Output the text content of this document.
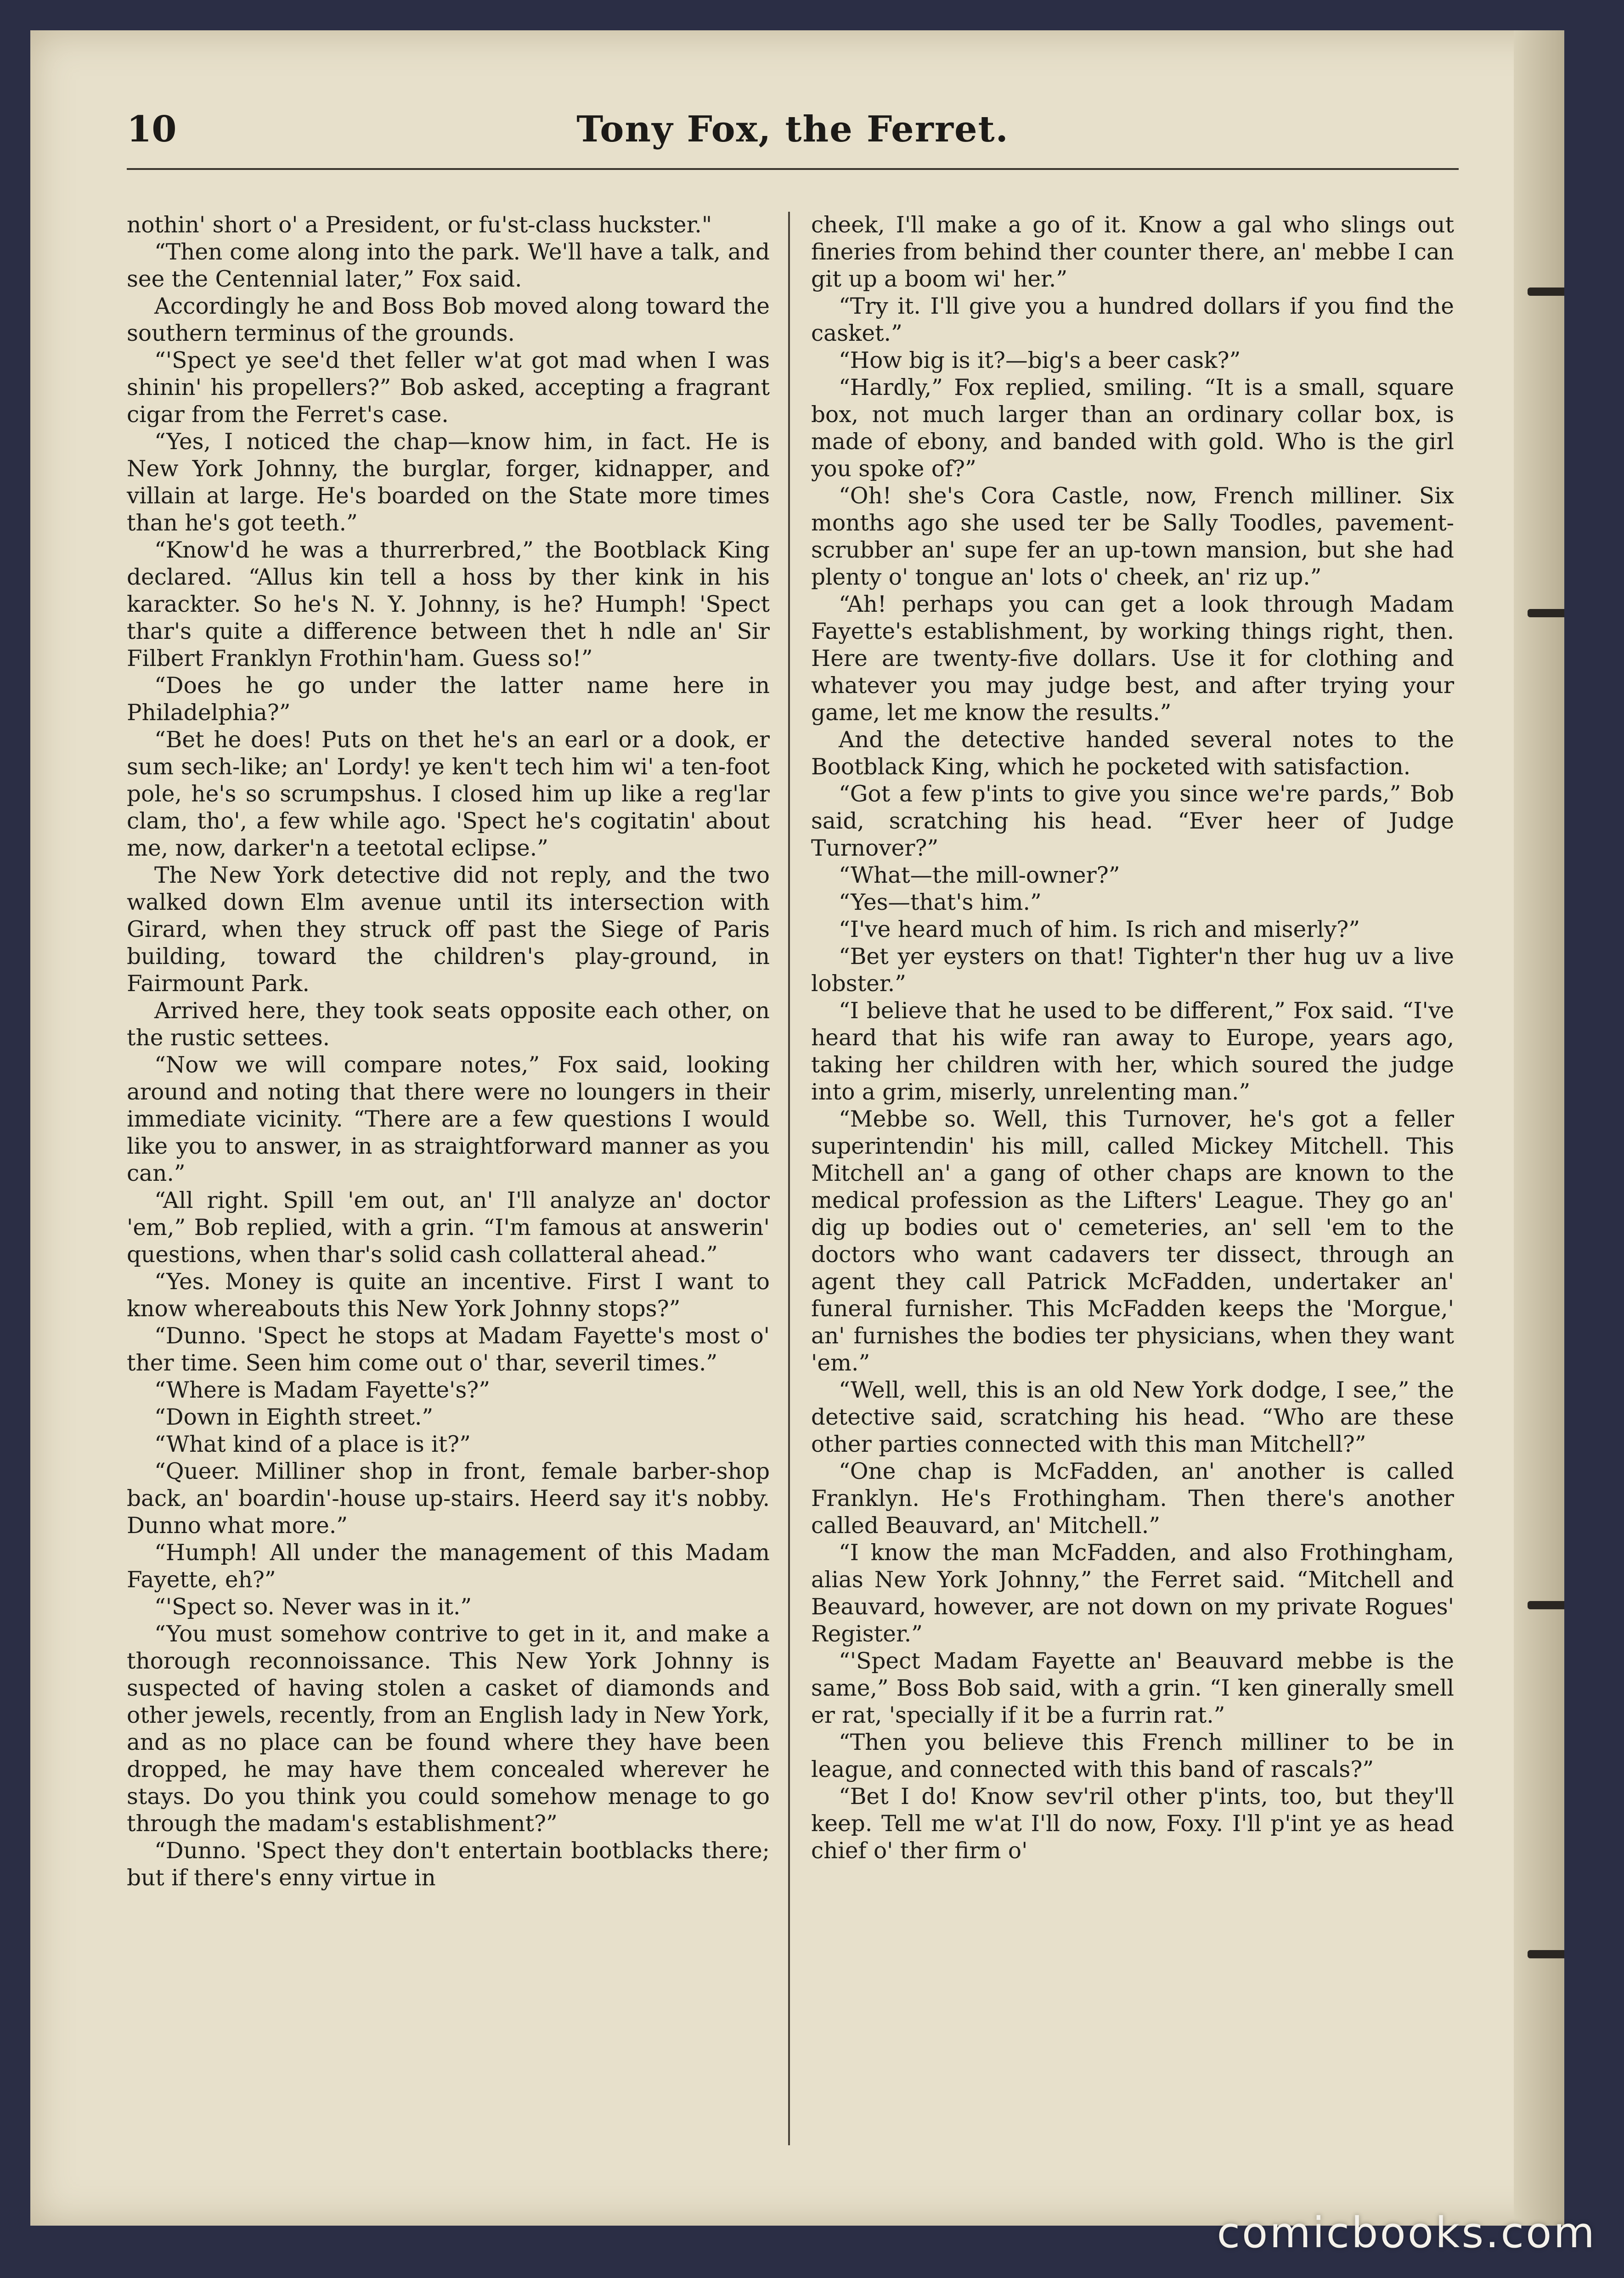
10	Tony Fox, the Ferret.

nothin' short o' a President, or fu'st-class huckster."

“Then come along into the park. We'll have a talk, and see the Centennial later,” Fox said.

Accordingly he and Boss Bob moved along toward the southern terminus of the grounds.

“'Spect ye see'd thet feller w'at got mad when I was shinin' his propellers?” Bob asked, accepting a fragrant cigar from the Ferret's case.

“Yes, I noticed the chap—know him, in fact. He is New York Johnny, the burglar, forger, kidnapper, and villain at large. He's boarded on the State more times than he's got teeth.”

“Know'd he was a thurrerbred,” the Bootblack King declared. “Allus kin tell a hoss by ther kink in his karackter. So he's N. Y. Johnny, is he? Humph! 'Spect thar's quite a difference between thet h ndle an' Sir Filbert Franklyn Frothin'ham. Guess so!”

“Does he go under the latter name here in Philadelphia?”

“Bet he does! Puts on thet he's an earl or a dook, er sum sech-like; an' Lordy! ye ken't tech him wi' a ten-foot pole, he's so scrumpshus. I closed him up like a reg'lar clam, tho', a few while ago. 'Spect he's cogitatin' about me, now, darker'n a teetotal eclipse.”

The New York detective did not reply, and the two walked down Elm avenue until its intersection with Girard, when they struck off past the Siege of Paris building, toward the children's play-ground, in Fairmount Park.

Arrived here, they took seats opposite each other, on the rustic settees.

“Now we will compare notes,” Fox said, looking around and noting that there were no loungers in their immediate vicinity. “There are a few questions I would like you to answer, in as straightforward manner as you can.”

“All right. Spill 'em out, an' I'll analyze an' doctor 'em,” Bob replied, with a grin. “I'm famous at answerin' questions, when thar's solid cash collatteral ahead.”

“Yes. Money is quite an incentive. First I want to know whereabouts this New York Johnny stops?”

“Dunno. 'Spect he stops at Madam Fayette's most o' ther time. Seen him come out o' thar, severil times.”

“Where is Madam Fayette's?”

“Down in Eighth street.”

“What kind of a place is it?”

“Queer. Milliner shop in front, female barber-shop back, an' boardin'-house up-stairs. Heerd say it's nobby. Dunno what more.”

“Humph! All under the management of this Madam Fayette, eh?”

“'Spect so. Never was in it.”

“You must somehow contrive to get in it, and make a thorough reconnoissance. This New York Johnny is suspected of having stolen a casket of diamonds and other jewels, recently, from an English lady in New York, and as no place can be found where they have been dropped, he may have them concealed wherever he stays. Do you think you could somehow menage to go through the madam's establishment?”

“Dunno. 'Spect they don't entertain bootblacks there; but if there's enny virtue in

cheek, I'll make a go of it. Know a gal who slings out fineries from behind ther counter there, an' mebbe I can git up a boom wi' her.”

“Try it. I'll give you a hundred dollars if you find the casket.”

“How big is it?—big's a beer cask?”

“Hardly,” Fox replied, smiling. “It is a small, square box, not much larger than an ordinary collar box, is made of ebony, and banded with gold. Who is the girl you spoke of?”

“Oh! she's Cora Castle, now, French milliner. Six months ago she used ter be Sally Toodles, pavement-scrubber an' supe fer an up-town mansion, but she had plenty o' tongue an' lots o' cheek, an' riz up.”

“Ah! perhaps you can get a look through Madam Fayette's establishment, by working things right, then. Here are twenty-five dollars. Use it for clothing and whatever you may judge best, and after trying your game, let me know the results.”

And the detective handed several notes to the Bootblack King, which he pocketed with satisfaction.

“Got a few p'ints to give you since we're pards,” Bob said, scratching his head. “Ever heer of Judge Turnover?”

“What—the mill-owner?”

“Yes—that's him.”

“I've heard much of him. Is rich and miserly?”

“Bet yer eysters on that! Tighter'n ther hug uv a live lobster.”

“I believe that he used to be different,” Fox said. “I've heard that his wife ran away to Europe, years ago, taking her children with her, which soured the judge into a grim, miserly, unrelenting man.”

“Mebbe so. Well, this Turnover, he's got a feller superintendin' his mill, called Mickey Mitchell. This Mitchell an' a gang of other chaps are known to the medical profession as the Lifters' League. They go an' dig up bodies out o' cemeteries, an' sell 'em to the doctors who want cadavers ter dissect, through an agent they call Patrick McFadden, undertaker an' funeral furnisher. This McFadden keeps the 'Morgue,' an' furnishes the bodies ter physicians, when they want 'em.”

“Well, well, this is an old New York dodge, I see,” the detective said, scratching his head. “Who are these other parties connected with this man Mitchell?”

“One chap is McFadden, an' another is called Franklyn. He's Frothingham. Then there's another called Beauvard, an' Mitchell.”

“I know the man McFadden, and also Frothingham, alias New York Johnny,” the Ferret said. “Mitchell and Beauvard, however, are not down on my private Rogues' Register.”

“'Spect Madam Fayette an' Beauvard mebbe is the same,” Boss Bob said, with a grin. “I ken ginerally smell er rat, 'specially if it be a furrin rat.”

“Then you believe this French milliner to be in league, and connected with this band of rascals?”

“Bet I do! Know sev'ril other p'ints, too, but they'll keep. Tell me w'at I'll do now, Foxy. I'll p'int ye as head chief o' ther firm o'

comicbooks.com
